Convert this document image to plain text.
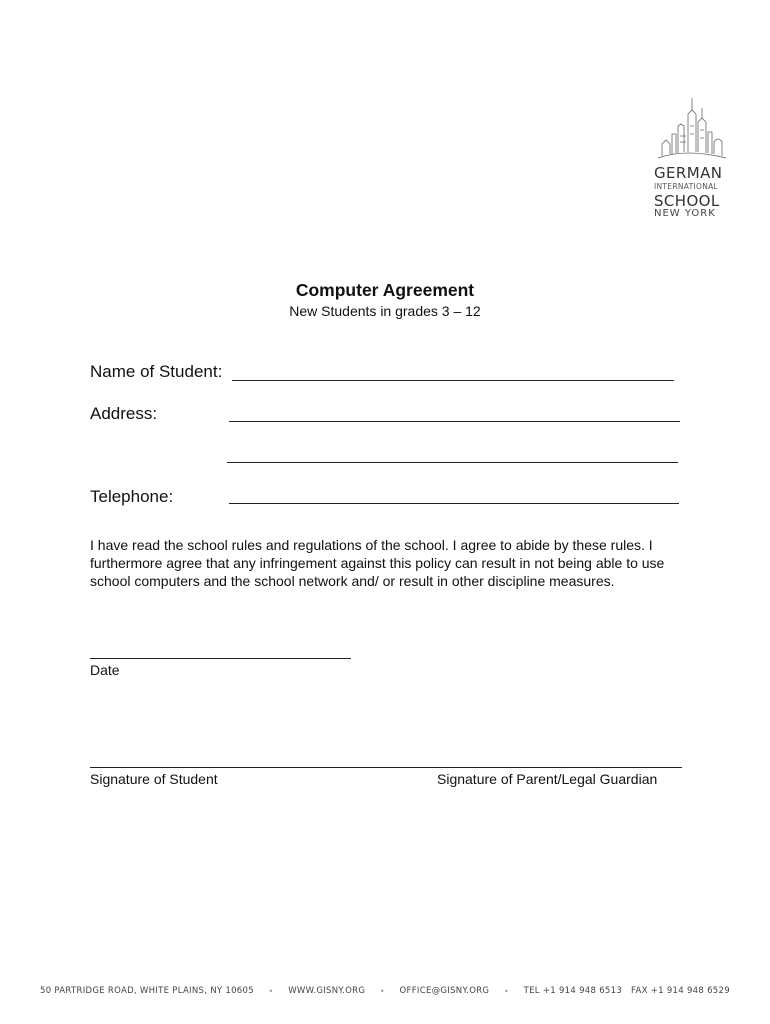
GERMAN
INTERNATIONAL
SCHOOL
NEW YORK
Computer Agreement
New Students in grades 3 – 12
Name of Student:
Address:
Telephone:
I have read the school rules and regulations of the school. I agree to abide by these rules. I furthermore agree that any infringement against this policy can result in not being able to use school computers and the school network and/ or result in other discipline measures.
Date
Signature of Student	Signature of Parent/Legal Guardian
50 PARTRIDGE ROAD, WHITE PLAINS, NY 10605 • WWW.GISNY.ORG • OFFICE@GISNY.ORG • TEL +1 914 948 6513 FAX +1 914 948 6529
